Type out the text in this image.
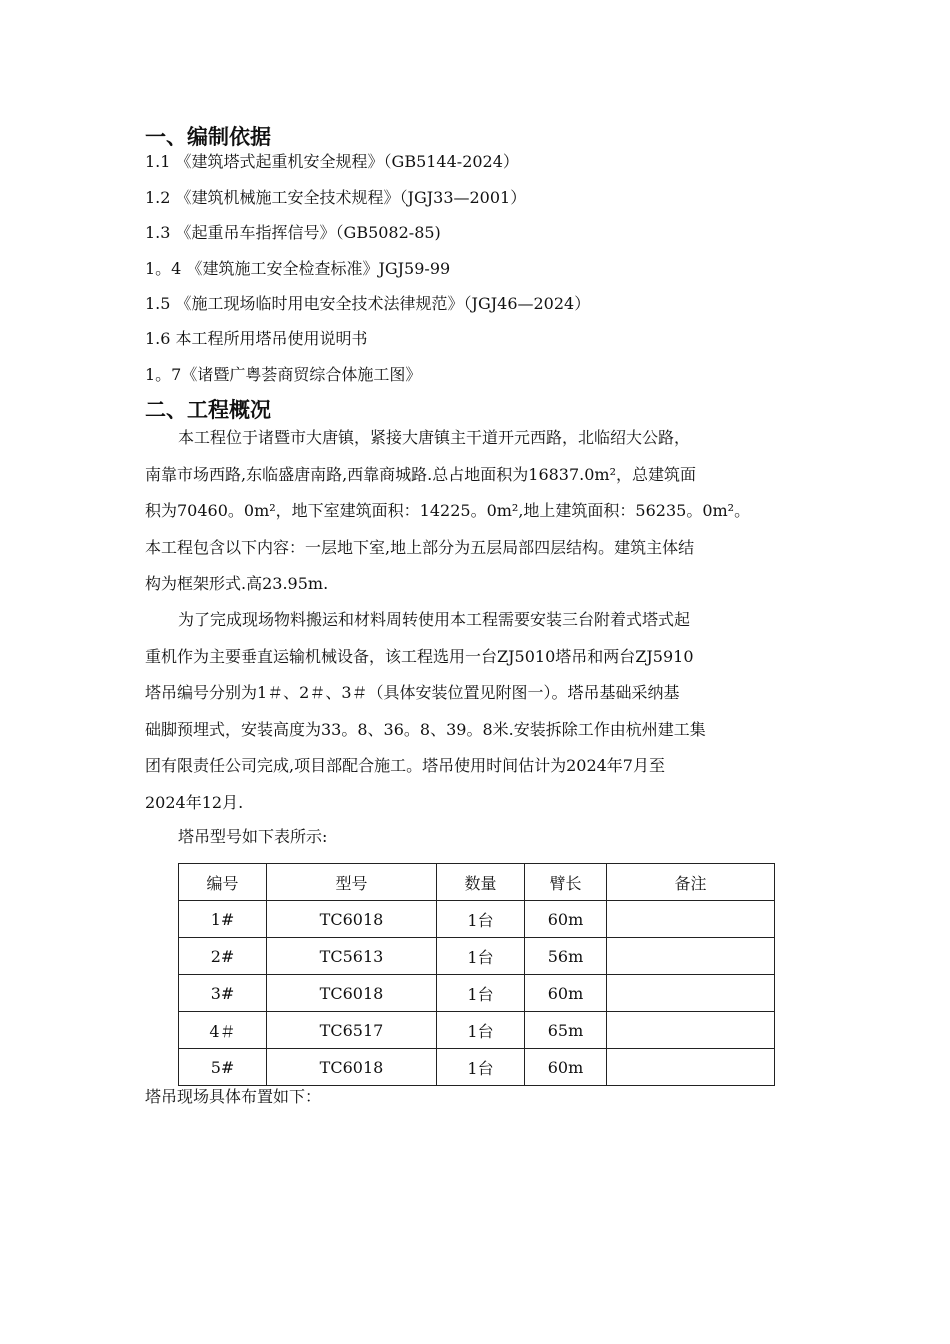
一、编制依据
1.1 《建筑塔式起重机安全规程》（GB5144-2024）
1.2 《建筑机械施工安全技术规程》（JGJ33—2001）
1.3 《起重吊车指挥信号》（GB5082-85)
1。4 《建筑施工安全检查标准》JGJ59-99
1.5 《施工现场临时用电安全技术法律规范》（JGJ46—2024）
1.6 本工程所用塔吊使用说明书
1。7《诸暨广粤荟商贸综合体施工图》
二、工程概况
本工程位于诸暨市大唐镇，紧接大唐镇主干道开元西路，北临绍大公路，
南靠市场西路,东临盛唐南路,西靠商城路.总占地面积为16837.0m²，总建筑面
积为70460。0m²，地下室建筑面积：14225。0m²,地上建筑面积：56235。0m²。
本工程包含以下内容：一层地下室,地上部分为五层局部四层结构。建筑主体结
构为框架形式.高23.95m.
为了完成现场物料搬运和材料周转使用本工程需要安装三台附着式塔式起
重机作为主要垂直运输机械设备，该工程选用一台ZJ5010塔吊和两台ZJ5910
塔吊编号分别为1＃、2＃、3＃（具体安装位置见附图一）。塔吊基础采纳基
础脚预埋式，安装高度为33。8、36。8、39。8米.安装拆除工作由杭州建工集
团有限责任公司完成,项目部配合施工。塔吊使用时间估计为2024年7月至
2024年12月.
塔吊型号如下表所示:
编号	型号	数量	臂长	备注
1#	TC6018	1台	60m	
2#	TC5613	1台	56m	
3#	TC6018	1台	60m	
4＃	TC6517	1台	65m	
5#	TC6018	1台	60m	
塔吊现场具体布置如下：
